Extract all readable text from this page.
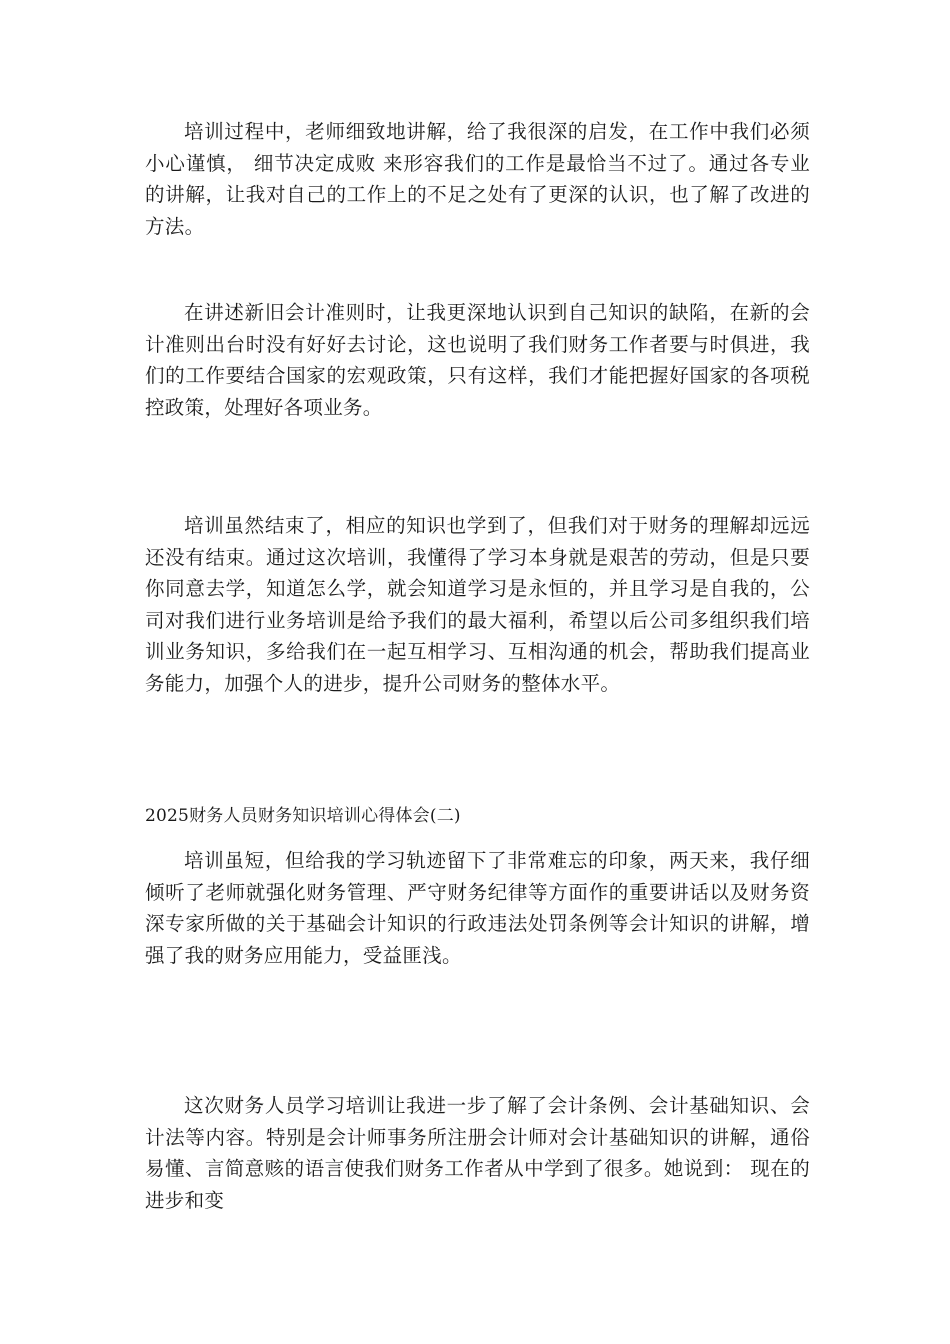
培训过程中，老师细致地讲解，给了我很深的启发，在工作中我们必须小心谨慎， 细节决定成败 来形容我们的工作是最恰当不过了。通过各专业的讲解，让我对自己的工作上的不足之处有了更深的认识，也了解了改进的方法。

在讲述新旧会计准则时，让我更深地认识到自己知识的缺陷，在新的会计准则出台时没有好好去讨论，这也说明了我们财务工作者要与时俱进，我们的工作要结合国家的宏观政策，只有这样，我们才能把握好国家的各项税控政策，处理好各项业务。

培训虽然结束了，相应的知识也学到了，但我们对于财务的理解却远远还没有结束。通过这次培训，我懂得了学习本身就是艰苦的劳动，但是只要你同意去学，知道怎么学，就会知道学习是永恒的，并且学习是自我的，公司对我们进行业务培训是给予我们的最大福利，希望以后公司多组织我们培训业务知识，多给我们在一起互相学习、互相沟通的机会，帮助我们提高业务能力，加强个人的进步，提升公司财务的整体水平。

2025财务人员财务知识培训心得体会(二)

培训虽短，但给我的学习轨迹留下了非常难忘的印象，两天来，我仔细倾听了老师就强化财务管理、严守财务纪律等方面作的重要讲话以及财务资深专家所做的关于基础会计知识的行政违法处罚条例等会计知识的讲解，增强了我的财务应用能力，受益匪浅。

这次财务人员学习培训让我进一步了解了会计条例、会计基础知识、会计法等内容。特别是会计师事务所注册会计师对会计基础知识的讲解，通俗易懂、言简意赅的语言使我们财务工作者从中学到了很多。她说到： 现在的进步和变
